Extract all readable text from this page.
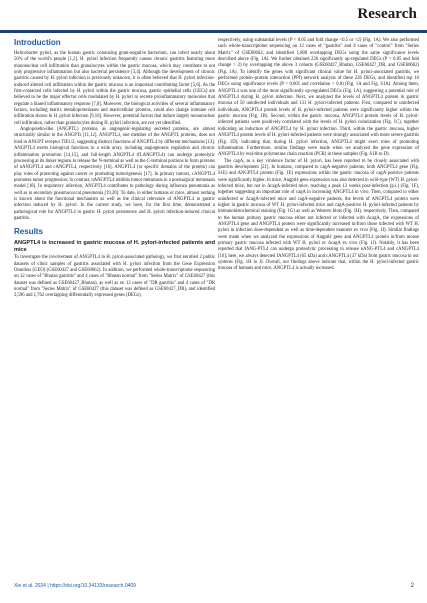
Research
Introduction

Helicobacter pylori, as the human gastric colonizing gram-negative bacterium, can infect nearly about 50% of the world's people [1,2]. H. pylori infection frequently causes chronic gastritis featuring more mononuclear cell infiltration than granulocytes within the gastric mucosa, which may contribute to not only progressive inflammation but also bacterial persistence [3,4]. Although the development of chronic gastritis caused by H. pylori infection is previously unknown, it is often believed that H. pylori infection-induced altered cell infiltration within the gastric mucosa is an important contributing factor [5,6]. As the first-contacted cells infected by H. pylori within the gastric mucosa, gastric epithelial cells (GECs) are believed to be the major effector cells modulated by H. pylori to secrete proinflammatory molecules that regulate a biased inflammatory response [7,8]. Moreover, the biological activities of several inflammatory factors, including matrix metalloproteinases and matricellular proteins, could also change immune cell infiltration shown in H. pylori infection [9,10]. However, potential factors that induce largely mononuclear cell infiltration, rather than granulocytes during H. pylori infection, are not yet identified.

Angiopoietin-like (ANGPTL) proteins, as angiogenic-regulating secreted proteins, are almost structurally similar to the ANGPTs [11,12]. ANGPTL4, one member of the ANGPTL proteins, does not bind to ANGPT receptor TIE1/2, suggesting distinct functions of ANGPTL4 by different mechanisms [13]. ANGPTL4 exerts biological functions in a wide array, including angiogenesis regulation and chronic inflammation promotion [14,15], and full-length ANGPTL4 (fLANGPTL4) can undergo proteolytic processing at its linker regions to release the N-terminal as well as the C-terminal portions to form proteins of nANGPTL4 and cANGPTL4, respectively [16]. ANGPTL4 (or specific domains of the protein) can play roles of protecting against cancer or promoting tumorigenesis [17]. In primary tumors, cANGPTL4 promotes tumor progression; in contrast, nANGPTL4 inhibits tumor metastasis in a postsurgical metastasis model [18]. In respiratory infection, ANGPTL4 contributes to pathology during influenza pneumonia as well as in secondary pneumococcal pneumonia [19,20]. To date, in either humans or mice, almost nothing is known about the functional mechanism as well as the clinical relevance of ANGPTL4 in gastric infection induced by H. pylori. In the current study, we have, for the first time, demonstrated a pathological role for ANGPTL4 in gastric H. pylori persistence and H. pylori infection-induced clinical gastritis.

Results
ANGPTL4 is increased in gastric mucosa of H. pylori-infected patients and mice

To investigate the involvement of ANGPTL4 in H. pylori-associated pathology, we first enrolled 2 public datasets of clinic samples of gastritis associated with H. pylori infection from the Gene Expression Omnibus (GEO) (GSE60427 and GSE60662). In addition, we performed whole-transcriptome sequencing on 12 cases of "Bhutan gastritis" and 4 cases of "Bhutan normal" from "Series Matrix" of GSE60427 (this dataset was defined as GSE60427_Bhutan), as well as on 12 cases of "DR gastritis" and 4 cases of "DR normal" from "Series Matrix" of GSE60427 (this dataset was defined as GSE60427_DR), and identified 2,596 and 1,762 overlapping differentially expressed genes (DEGs),

respectively, using substantial levels (P < 0.05 and fold change <0.5 or >2) (Fig. 1A). We also performed such whole-transcriptome sequencing on 12 cases of "gastritis" and 4 cases of "control" from "Series Matrix" of GSE60662, and identified 1,888 overlapping DEGs using the same significance levels described above (Fig. 1A). We further obtained 226 significantly up-regulated DEGs (P < 0.05 and fold change > 2) by overlapping the above 3 cohorts (GSE60427_Bhutan, GSE60427_DR, and GSE60662) (Fig. 1A). To identify the genes with significant clinical value for H. pylori-associated gastritis, we performed protein–protein interaction (PPI) network analysis of these 226 DEGs, and identified top 10 DEGs using significance levels (P < 0.001 and correlation > 0.8) (Fig. 1A and Fig. S1A). Among them, ANGPTL4 was one of the most significantly up-regulated DEGs (Fig. 1A), suggesting a potential role of ANGPTL4 during H. pylori infection. Next, we analyzed the levels of ANGPTL4 protein in gastric mucosa of 50 uninfected individuals and 131 H. pylori-infected patients. First, compared to uninfected individuals, ANGPTL4 protein levels of H. pylori-infected patients were significantly higher within the gastric mucosa (Fig. 1B). Second, within the gastric mucosa, ANGPTL4 protein levels of H. pylori-infected patients were positively correlated with the levels of H. pylori colonization (Fig. 1C), together indicating an induction of ANGPTL4 by H. pylori infection. Third, within the gastric mucosa, higher ANGPTL4 protein levels of H. pylori-infected patients were strongly associated with more severe gastritis (Fig. 1D), indicating that, during H. pylori infection, ANGPTL4 might exert roles of promoting inflammation. Furthermore, similar findings were made when we analyzed the gene expression of ANGPTL4 by real-time polymerase chain reaction (PCR) in these samples (Fig. S1B to D).

The cagA, as a key virulence factor of H. pylori, has been reported to be closely associated with gastritis development [21]. In humans, compared to cagA-negative patients, both ANGPTL4 gene (Fig. S1E) and ANGPTL4 protein (Fig. 1E) expressions within the gastric mucosa of cagA-positive patients were significantly higher. In mice, Angptl4 gene expression was also detected in wild-type (WT) H. pylori-infected mice, but not in ΔcagA-infected mice, reaching a peak 12 weeks post-infection (p.i.) (Fig. 1F), together suggesting an important role of cagA in increasing ANGPTL4 in vivo. Then, compared to either uninfected or ΔcagA-infected mice and cagA-negative patients, the levels of ANGPTL4 protein were higher in gastric mucosa of WT H. pylori-infected mice and cagA-positive H. pylori-infected patients by immunohistochemical staining (Fig. 1G) as well as Western blots (Fig. 1H), respectively. Then, compared to the human primary gastric mucosa either not infected or infected with ΔcagA, the expressions of ANGPTL4 gene and ANGPTL4 protein were significantly increased in/from those infected with WT H. pylori in infection dose-dependent as well as time-dependent manners ex vivo (Fig. 1I). Similar findings were made when we analyzed the expressions of Angptl4 gene and ANGPTL4 protein in/from mouse primary gastric mucosa infected with WT H. pylori or ΔcagA ex vivo (Fig. 1J). Notably, it has been reported that fANG-PTL4 can undergo proteolytic processing to release nANG-PTL4 and cANGPTL4 [16]; here, we always detected fANGPTL4 (65 kDa) and cANGPTL4 (37 kDa) from gastric mucosa in our systems (Fig. 1H to J). Overall, our findings above indicate that, within the H. pylori-infected gastric mucosa of humans and mice, ANGPTL4 is actually increased.

Xie et al. 2024 | https://doi.org/10.34133/research.0409	2
